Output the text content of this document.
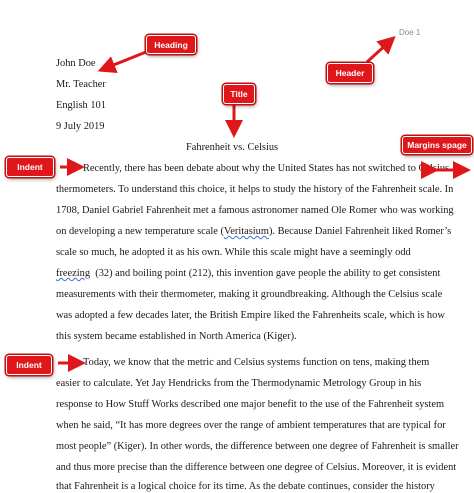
Doe 1
John Doe
Mr. Teacher
English 101
9 July 2019
Fahrenheit vs. Celsius
Recently, there has been debate about why the United States has not switched to Celsius
thermometers. To understand this choice, it helps to study the history of the Fahrenheit scale. In
1708, Daniel Gabriel Fahrenheit met a famous astronomer named Ole Romer who was working
on developing a new temperature scale (Veritasium). Because Daniel Fahrenheit liked Romer’s
scale so much, he adopted it as his own. While this scale might have a seemingly odd
freezing  (32) and boiling point (212), this invention gave people the ability to get consistent
measurements with their thermometer, making it groundbreaking. Although the Celsius scale
was adopted a few decades later, the British Empire liked the Fahrenheits scale, which is how
this system became established in North America (Kiger).
Today, we know that the metric and Celsius systems function on tens, making them
easier to calculate. Yet Jay Hendricks from the Thermodynamic Metrology Group in his
response to How Stuff Works described one major benefit to the use of the Fahrenheit system
when he said, “It has more degrees over the range of ambient temperatures that are typical for
most people” (Kiger). In other words, the difference between one degree of Fahrenheit is smaller
and thus more precise than the difference between one degree of Celsius. Moreover, it is evident
that Fahrenheit is a logical choice for its time. As the debate continues, consider the history
Heading
Header
Title
Margins spage
Indent
Indent
